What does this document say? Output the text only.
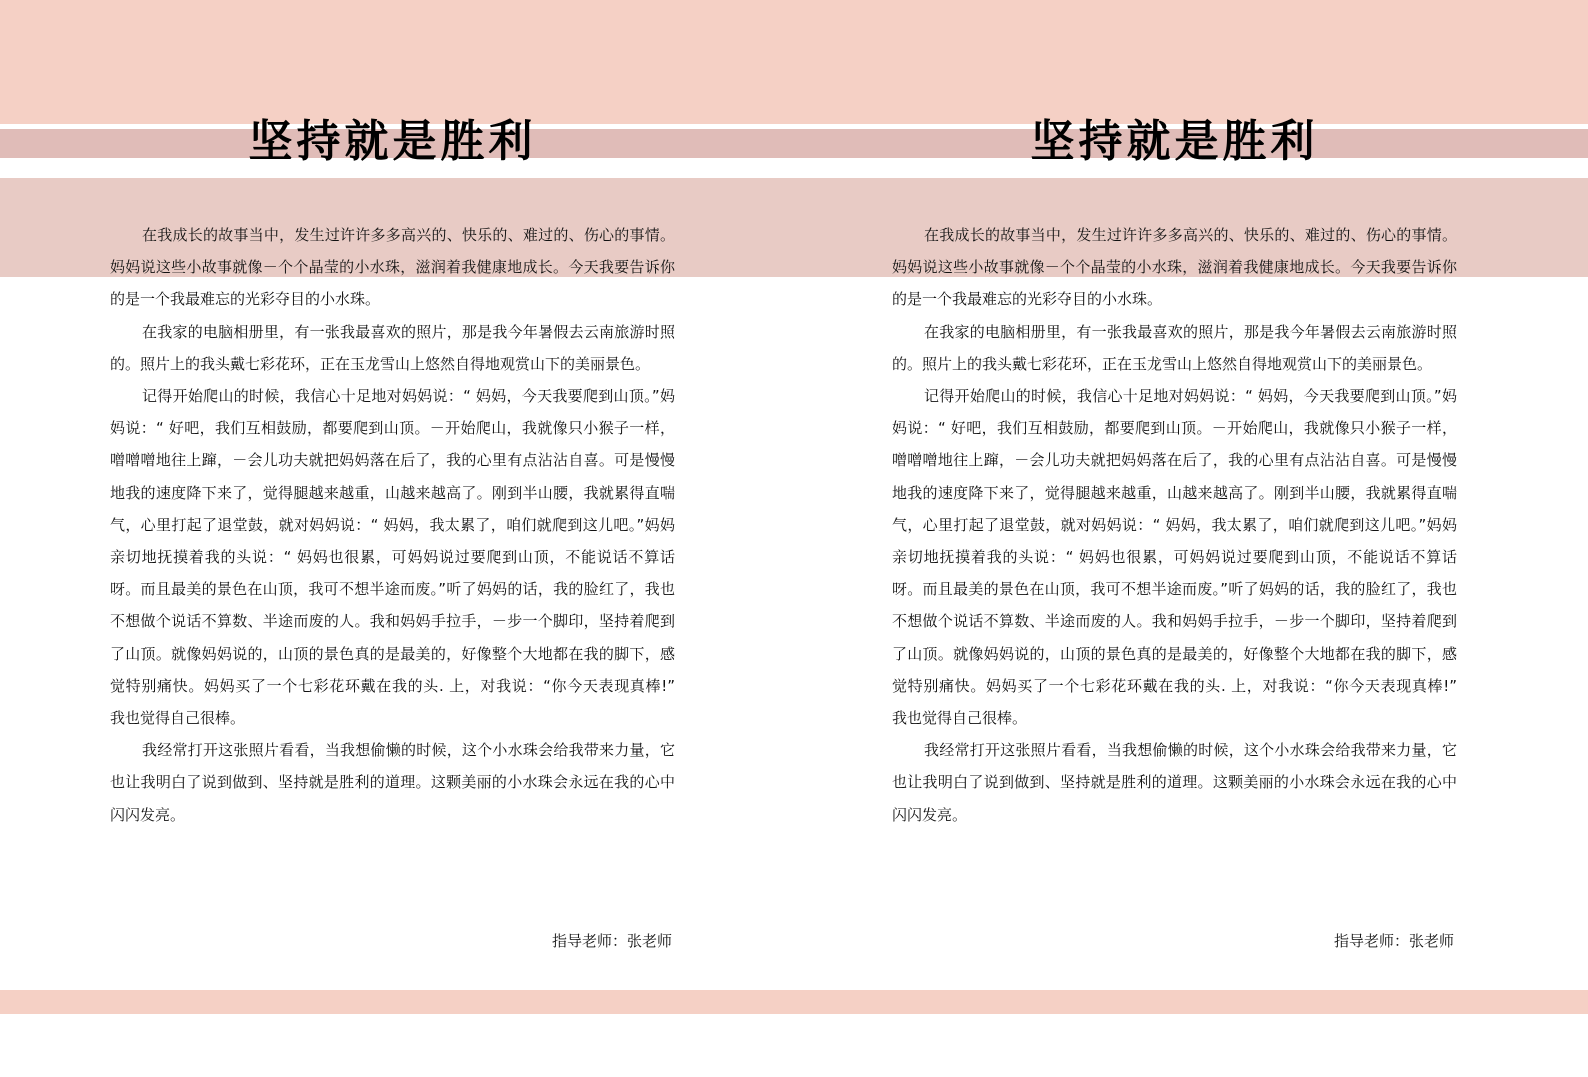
坚持就是胜利

在我成长的故事当中，发生过许许多多高兴的、快乐的、难过的、伤心的事情。妈妈说这些小故事就像－个个晶莹的小水珠，滋润着我健康地成长。今天我要告诉你的是一个我最难忘的光彩夺目的小水珠。

在我家的电脑相册里，有一张我最喜欢的照片，那是我今年暑假去云南旅游时照的。照片上的我头戴七彩花环，正在玉龙雪山上悠然自得地观赏山下的美丽景色。

记得开始爬山的时候，我信心十足地对妈妈说：“ 妈妈，今天我要爬到山顶。”妈妈说：“ 好吧，我们互相鼓励，都要爬到山顶。－开始爬山，我就像只小猴子一样，噌噌噌地往上蹿，－会儿功夫就把妈妈落在后了，我的心里有点沾沾自喜。可是慢慢地我的速度降下来了，觉得腿越来越重，山越来越高了。刚到半山腰，我就累得直喘气，心里打起了退堂鼓，就对妈妈说：“ 妈妈，我太累了，咱们就爬到这儿吧。”妈妈亲切地抚摸着我的头说：“ 妈妈也很累，可妈妈说过要爬到山顶，不能说话不算话呀。而且最美的景色在山顶，我可不想半途而废。”听了妈妈的话，我的脸红了，我也不想做个说话不算数、半途而废的人。我和妈妈手拉手，－步一个脚印，坚持着爬到了山顶。就像妈妈说的，山顶的景色真的是最美的，好像整个大地都在我的脚下，感觉特别痛快。妈妈买了一个七彩花环戴在我的头. 上，对我说：“你今天表现真棒!”　我也觉得自己很棒。

我经常打开这张照片看看，当我想偷懒的时候，这个小水珠会给我带来力量，它也让我明白了说到做到、坚持就是胜利的道理。这颗美丽的小水珠会永远在我的心中闪闪发亮。

指导老师：张老师
坚持就是胜利

在我成长的故事当中，发生过许许多多高兴的、快乐的、难过的、伤心的事情。妈妈说这些小故事就像－个个晶莹的小水珠，滋润着我健康地成长。今天我要告诉你的是一个我最难忘的光彩夺目的小水珠。

在我家的电脑相册里，有一张我最喜欢的照片，那是我今年暑假去云南旅游时照的。照片上的我头戴七彩花环，正在玉龙雪山上悠然自得地观赏山下的美丽景色。

记得开始爬山的时候，我信心十足地对妈妈说：“ 妈妈，今天我要爬到山顶。”妈妈说：“ 好吧，我们互相鼓励，都要爬到山顶。－开始爬山，我就像只小猴子一样，噌噌噌地往上蹿，－会儿功夫就把妈妈落在后了，我的心里有点沾沾自喜。可是慢慢地我的速度降下来了，觉得腿越来越重，山越来越高了。刚到半山腰，我就累得直喘气，心里打起了退堂鼓，就对妈妈说：“ 妈妈，我太累了，咱们就爬到这儿吧。”妈妈亲切地抚摸着我的头说：“ 妈妈也很累，可妈妈说过要爬到山顶，不能说话不算话呀。而且最美的景色在山顶，我可不想半途而废。”听了妈妈的话，我的脸红了，我也不想做个说话不算数、半途而废的人。我和妈妈手拉手，－步一个脚印，坚持着爬到了山顶。就像妈妈说的，山顶的景色真的是最美的，好像整个大地都在我的脚下，感觉特别痛快。妈妈买了一个七彩花环戴在我的头. 上，对我说：“你今天表现真棒!”　我也觉得自己很棒。

我经常打开这张照片看看，当我想偷懒的时候，这个小水珠会给我带来力量，它也让我明白了说到做到、坚持就是胜利的道理。这颗美丽的小水珠会永远在我的心中闪闪发亮。

指导老师：张老师
